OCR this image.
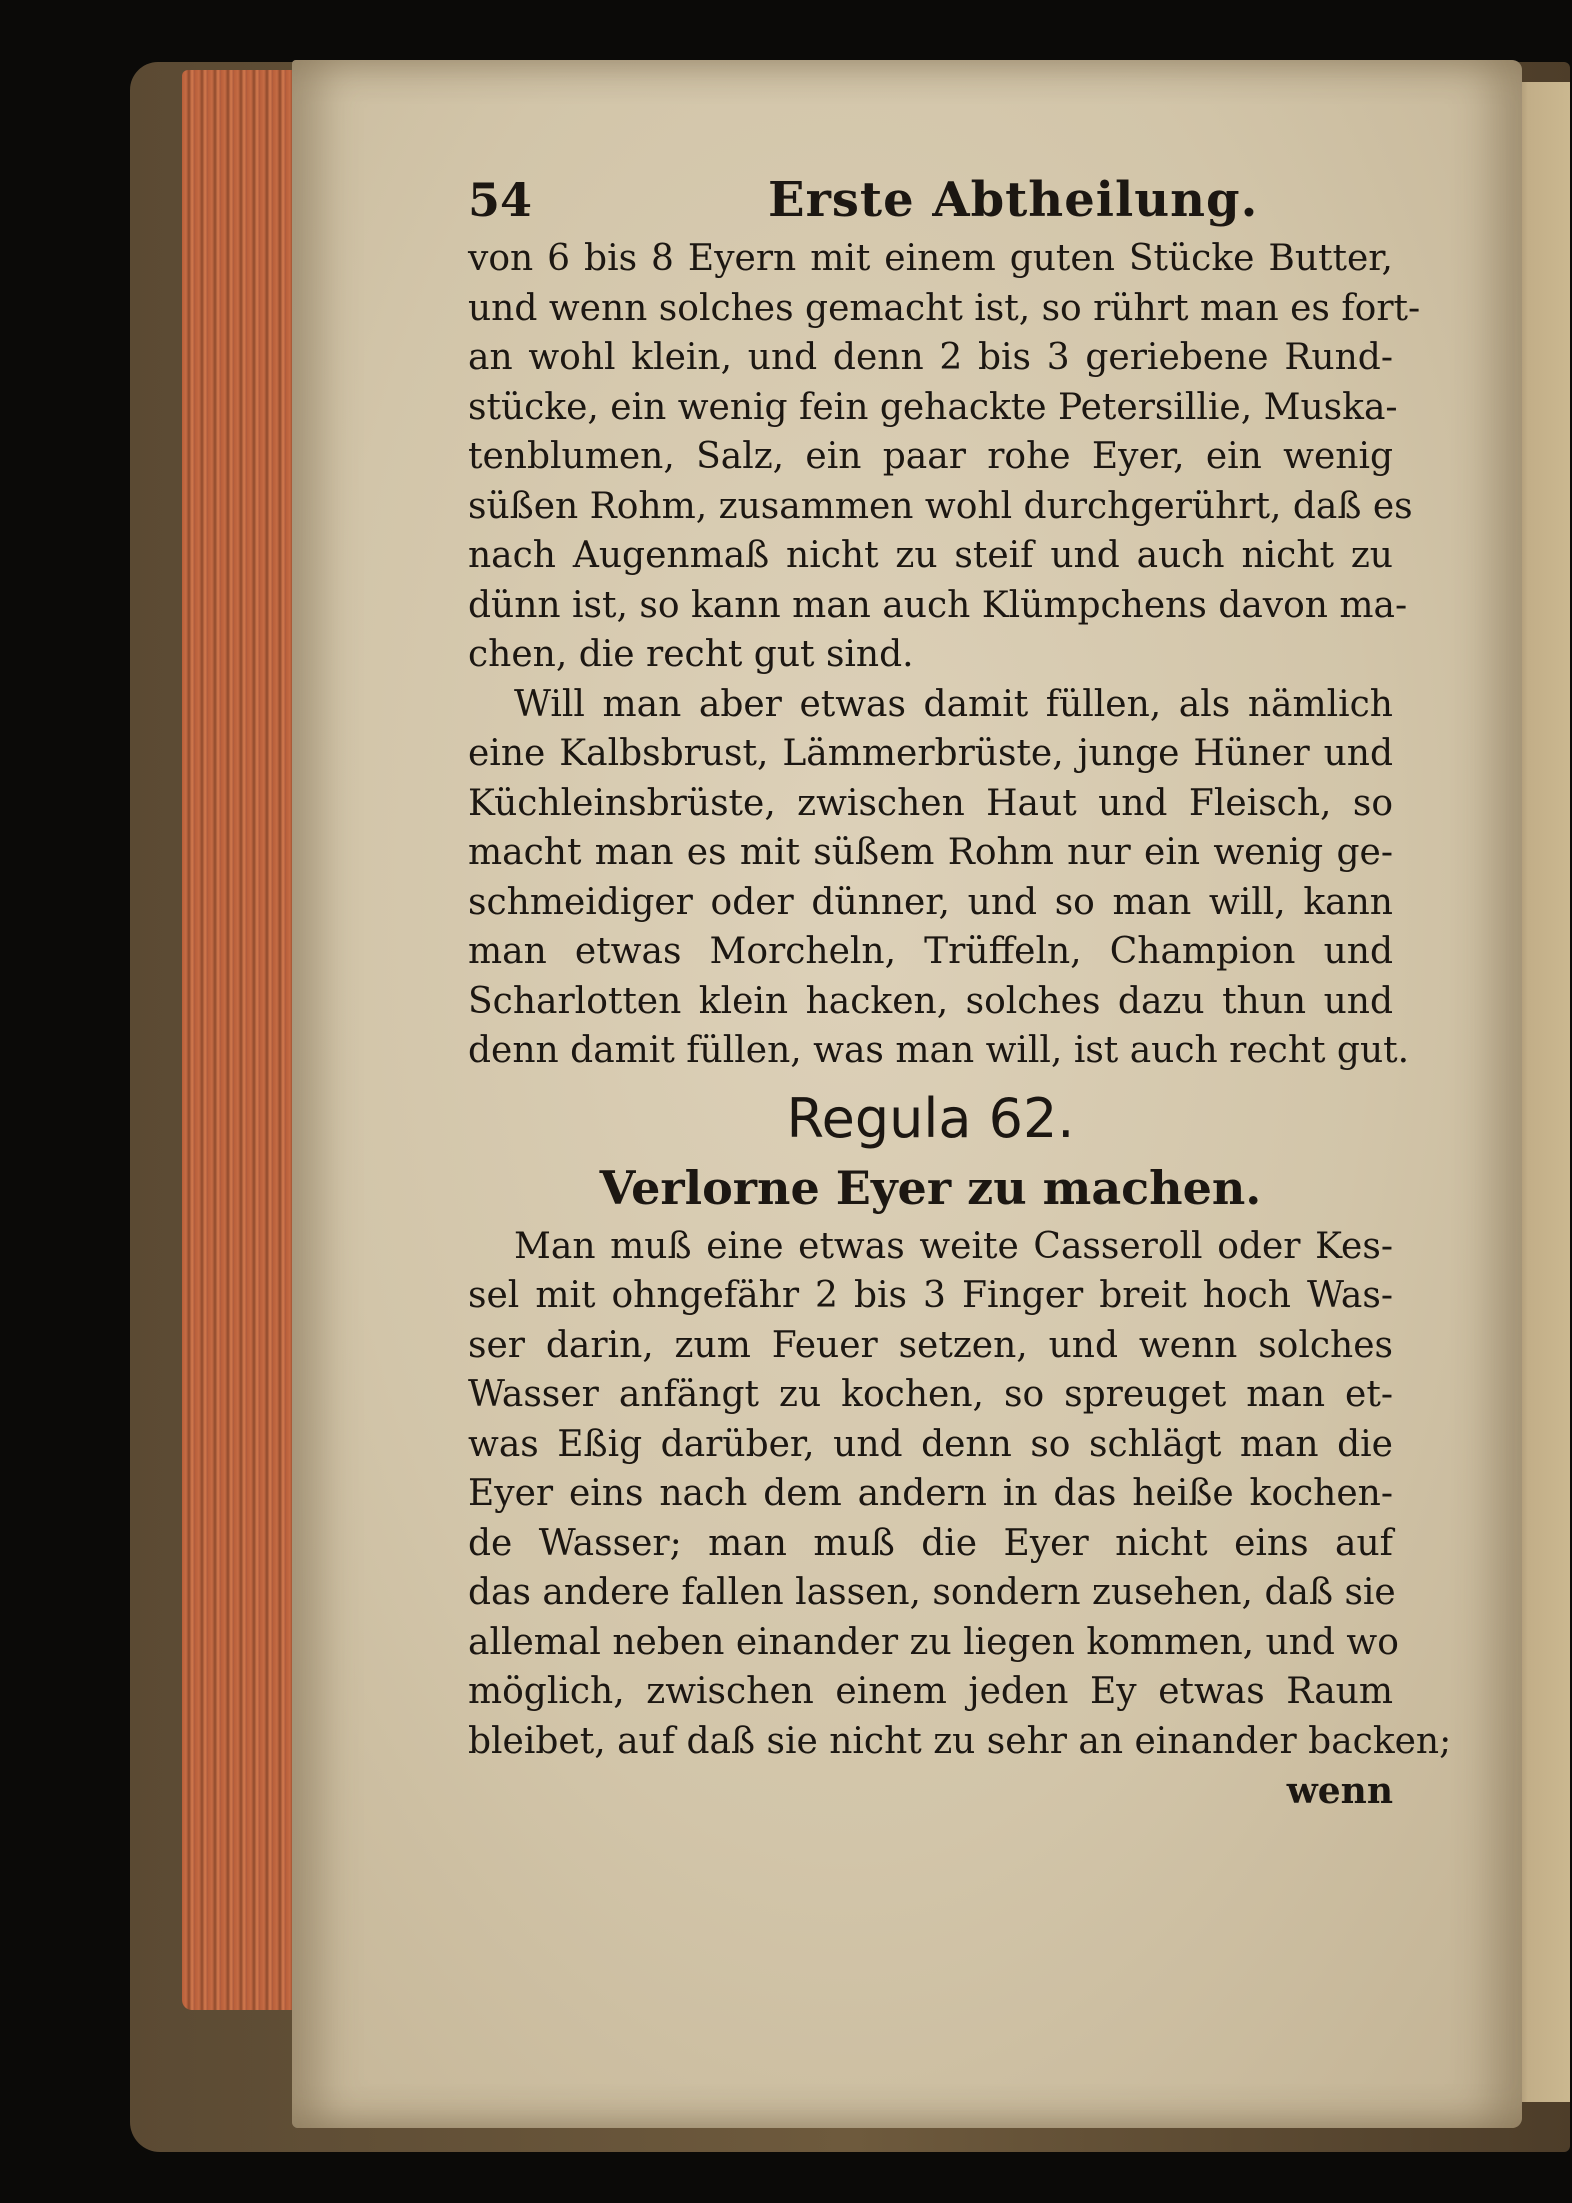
54	Erste Abtheilung.
von 6 bis 8 Eyern mit einem guten Stücke Butter,
und wenn solches gemacht ist, so rührt man es fort-
an wohl klein, und denn 2 bis 3 geriebene Rund-
stücke, ein wenig fein gehackte Petersillie, Muska-
tenblumen, Salz, ein paar rohe Eyer, ein wenig
süßen Rohm, zusammen wohl durchgerührt, daß es
nach Augenmaß nicht zu steif und auch nicht zu
dünn ist, so kann man auch Klümpchens davon ma-
chen, die recht gut sind.
Will man aber etwas damit füllen, als nämlich
eine Kalbsbrust, Lämmerbrüste, junge Hüner und
Küchleinsbrüste, zwischen Haut und Fleisch, so
macht man es mit süßem Rohm nur ein wenig ge-
schmeidiger oder dünner, und so man will, kann
man etwas Morcheln, Trüffeln, Champion und
Scharlotten klein hacken, solches dazu thun und
denn damit füllen, was man will, ist auch recht gut.
Regula 62.
Verlorne Eyer zu machen.
Man muß eine etwas weite Casseroll oder Kes-
sel mit ohngefähr 2 bis 3 Finger breit hoch Was-
ser darin, zum Feuer setzen, und wenn solches
Wasser anfängt zu kochen, so spreuget man et-
was Eßig darüber, und denn so schlägt man die
Eyer eins nach dem andern in das heiße kochen-
de Wasser; man muß die Eyer nicht eins auf
das andere fallen lassen, sondern zusehen, daß sie
allemal neben einander zu liegen kommen, und wo
möglich, zwischen einem jeden Ey etwas Raum
bleibet, auf daß sie nicht zu sehr an einander backen;
wenn
